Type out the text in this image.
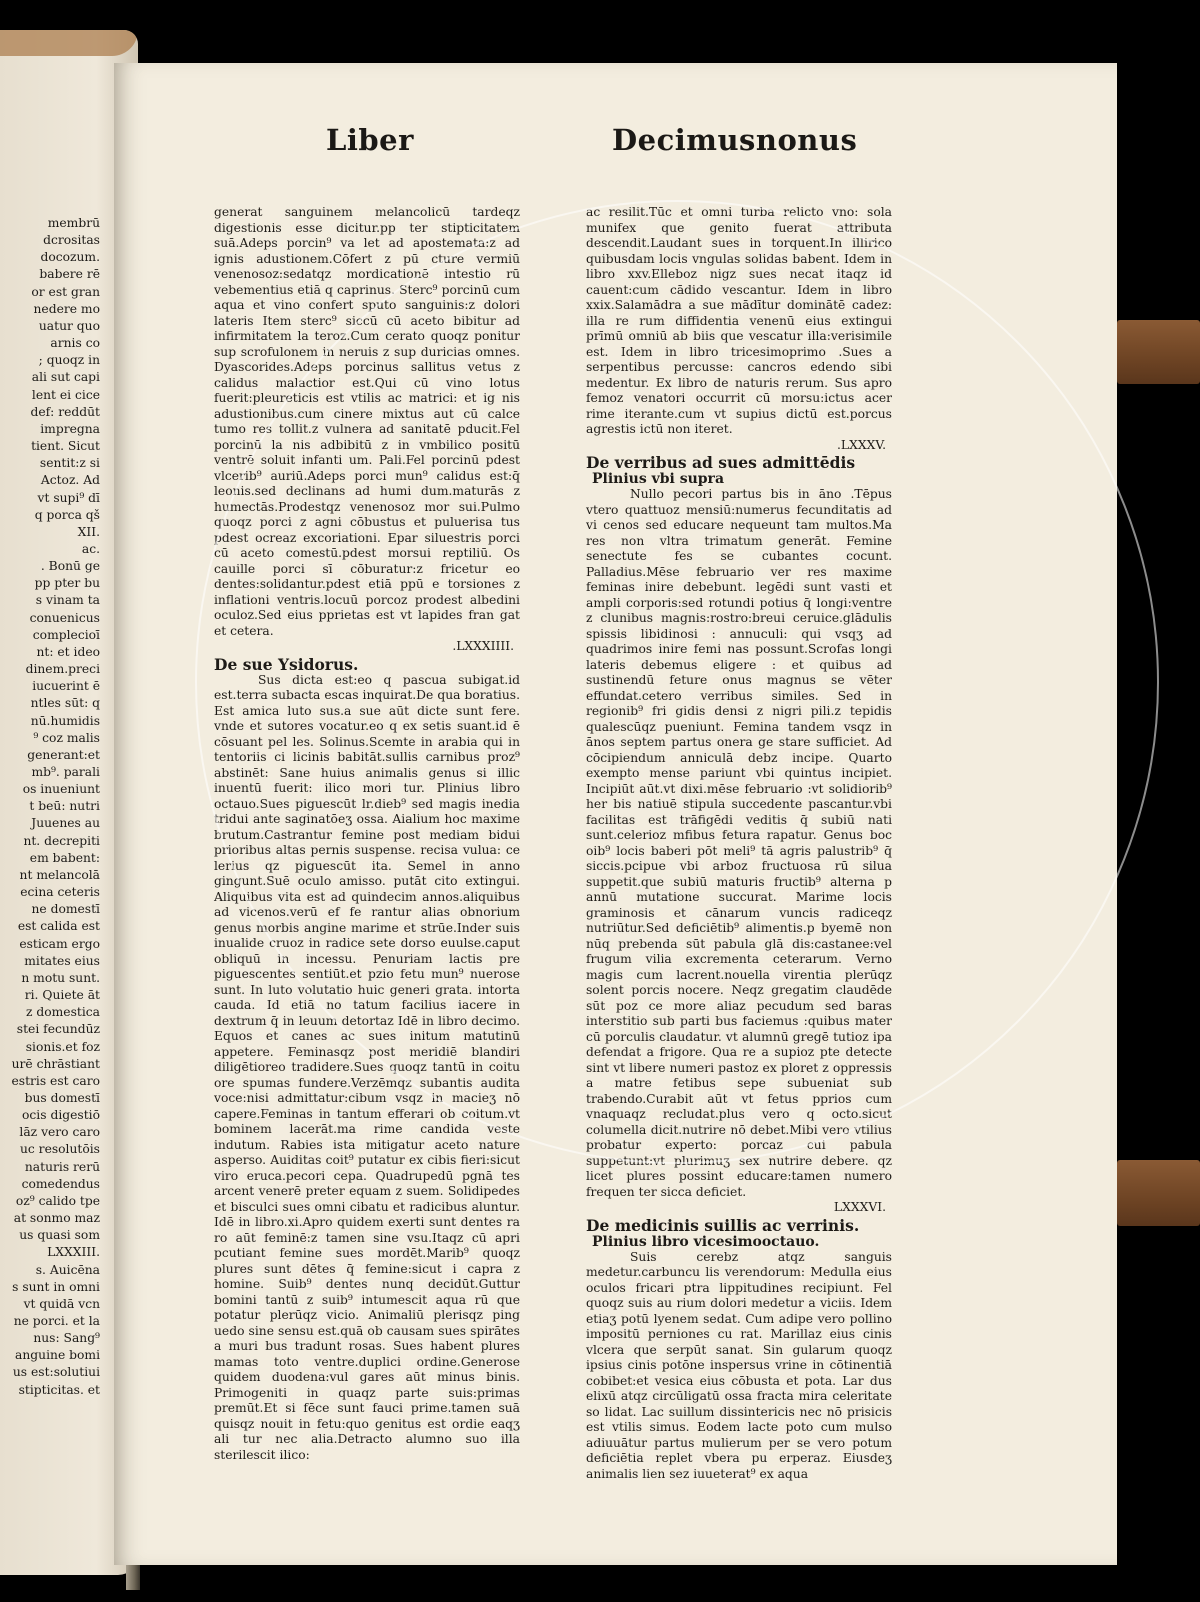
membrū
dcrositas
docozum.
babere rē
or est gran
nedere mo
uatur quo
arnis co
; quoqz in
ali sut capi
lent ei cice
def: reddūt
impregna
tient. Sicut
sentit:z si
Actoz. Ad
vt supi⁹ dī
q porca qš
XII.
ac.
. Bonū ge
pp pter bu
s vinam ta
conuenicus
complecioī
nt: et ideo
dinem.preci
iucuerint ē
ntles sūt: q
nū.humidis
⁹ coz malis
generant:et
mb⁹. parali
os inueniunt
t beū: nutri
Juuenes au
nt. decrepiti
em babent:
nt melancolā
ecina ceteris
ne domestī
est calida est
esticam ergo
mitates eius
n motu sunt.
ri. Quiete āt
z domestica
stei fecundūz
sionis.et foz
urē chrāstiant
estris est caro
bus domestī
ocis digestiō
lāz vero caro
uc resolutōis
naturis rerū
comedendus
oz⁹ calido tpe
at sonmo maz
us quasi som
LXXXIII.
s. Auicēna
s sunt in omni
vt quidā vcn
ne porci. et la
nus: Sang⁹
anguine bomi
us est:solutiui
stipticitas. et
Liber	Decimusnonus

generat sanguinem melancolicū tardeqz digestionis esse dicitur.pp ter stipticitatem suā.Adeps porcin⁹ va let ad apostemata:z ad ignis adustionem.Cōfert z pū cture vermiū venenosoz:sedatqz mordicationē intestio rū vebementius etiā q caprinus. Sterc⁹ porcinū cum aqua et vino confert sputo sanguinis:z dolori lateris Item sterc⁹ siccū cū aceto bibitur ad infirmitatem la teroz.Cum cerato quoqz ponitur sup scrofulonem in neruis z sup duricias omnes. Dyascorides.Adeps porcinus sallitus vetus z calidus malactior est.Qui cū vino lotus fuerit:pleureticis est vtilis ac matrici: et ig nis adustionibus.cum cinere mixtus aut cū calce tumo res tollit.z vulnera ad sanitatē pducit.Fel porcinū la nis adbibitū z in vmbilico positū ventrē soluit infanti um. Pali.Fel porcinū pdest vlcerib⁹ auriū.Adeps porci mun⁹ calidus est:q̄ leonis.sed declinans ad humi dum.maturās z humectās.Prodestqz venenosoz mor sui.Pulmo quoqz porci z agni cōbustus et puluerisa tus pdest ocreaz excoriationi. Epar siluestris porci cū aceto comestū.pdest morsui reptiliū. Os cauille porci sī cōburatur:z fricetur eo dentes:solidantur.pdest etiā ppū e torsiones z inflationi ventris.locuū porcoz prodest albedini oculoz.Sed eius pprietas est vt lapides fran gat et cetera.

.LXXXIIII.

De sue Ysidorus.

Sus dicta est:eo q pascua subigat.id est.terra subacta escas inquirat.De qua boratius. Est amica luto sus.a sue aūt dicte sunt fere. vnde et sutores vocatur.eo q ex setis suant.id ē cōsuant pel les. Solinus.Scemte in arabia qui in tentoriis ci licinis babitāt.sullis carnibus proz⁹ abstinēt: Sane huius animalis genus si illic inuentū fuerit: ilico mori tur. Plinius libro octauo.Sues piguescūt lr.dieb⁹ sed magis inedia tridui ante saginatōeʒ ossa. Aialium hoc maxime brutum.Castrantur femine post mediam bidui prioribus altas pernis suspense. recisa vulua: ce lerius qz piguescūt ita. Semel in anno gingunt.Suē oculo amisso. putāt cito extingui. Aliquibus vita est ad quindecim annos.aliquibus ad vicenos.verū ef fe rantur alias obnorium genus morbis angine marime et strūe.Inder suis inualide cruoz in radice sete dorso euulse.caput obliquū in incessu. Penuriam lactis pre piguescentes sentiūt.et pzio fetu mun⁹ nuerose sunt. In luto volutatio huic generi grata. intorta cauda. Id etiā no tatum facilius iacere in dextrum q̄ in leuum detortaz Idē in libro decimo. Equos et canes ac sues initum matutinū appetere. Feminasqz post meridiē blandiri diligētioreo tradidere.Sues quoqz tantū in coitu ore spumas fundere.Verzēmqz subantis audita voce:nisi admittatur:cibum vsqz in macieʒ nō capere.Feminas in tantum efferari ob coitum.vt bominem lacerāt.ma rime candida veste indutum. Rabies ista mitigatur aceto nature asperso. Auiditas coit⁹ putatur ex cibis fieri:sicut viro eruca.pecori cepa. Quadrupedū pgnā tes arcent venerē preter equam z suem. Solidipedes et bisculci sues omni cibatu et radicibus aluntur. Idē in libro.xi.Apro quidem exerti sunt dentes ra ro aūt feminē:z tamen sine vsu.Itaqz cū apri pcutiant femine sues mordēt.Marib⁹ quoqz plures sunt dētes q̄ femine:sicut i capra z homine. Suib⁹ dentes nunq decidūt.Guttur bomini tantū z suib⁹ intumescit aqua rū que potatur plerūqz vicio. Animaliū plerisqz ping uedo sine sensu est.quā ob causam sues spirātes a muri bus tradunt rosas. Sues habent plures mamas toto ventre.duplici ordine.Generose quidem duodena:vul gares aūt minus binis. Primogeniti in quaqz parte suis:primas premūt.Et si fēce sunt fauci prime.tamen suā quisqz nouit in fetu:quo genitus est ordie eaqʒ ali tur nec alia.Detracto alumno suo illa sterilescit ilico:

ac resilit.Tūc et omni turba relicto vno: sola munifex que genito fuerat attributa descendit.Laudant sues in torquent.In illirico quibusdam locis vngulas solidas babent. Idem in libro xxv.Elleboz nigz sues necat itaqz id cauent:cum cādido vescantur. Idem in libro xxix.Salamādra a sue mādītur dominātē cadez: illa re rum diffidentia venenū eius extingui prīmū omniū ab biis que vescatur illa:verisimile est. Idem in libro tricesimoprimo .Sues a serpentibus percusse: cancros edendo sibi medentur. Ex libro de naturis rerum. Sus apro femoz venatori occurrit cū morsu:ictus acer rime iterante.cum vt supius dictū est.porcus agrestis ictū non iteret.

.LXXXV.

De verribus ad sues admittēdis

Plinius vbi supra

Nullo pecori partus bis in āno .Tēpus vtero quattuoz mensiū:numerus fecunditatis ad vi cenos sed educare nequeunt tam multos.Ma res non vltra trimatum generāt. Femine senectute fes se cubantes cocunt. Palladius.Mēse februario ver res maxime feminas inire debebunt. legēdi sunt vasti et ampli corporis:sed rotundi potius q̄ longi:ventre z clunibus magnis:rostro:breui ceruice.glādulis spissis libidinosi : annuculi: qui vsqʒ ad quadrimos inire femi nas possunt.Scrofas longi lateris debemus eligere : et quibus ad sustinendū feture onus magnus se vēter effundat.cetero verribus similes. Sed in regionib⁹ fri gidis densi z nigri pili.z tepidis qualescūqz pueniunt. Femina tandem vsqz in ānos septem partus onera ge stare sufficiet. Ad cōcipiendum anniculā debz incipe. Quarto exempto mense pariunt vbi quintus incipiet. Incipiūt aūt.vt dixi.mēse februario :vt solidiorib⁹ her bis natiuē stipula succedente pascantur.vbi facilitas est trāfigēdi veditis q̄ subiū nati sunt.celerioz mfibus fetura rapatur. Genus boc oib⁹ locis baberi pōt meli⁹ tā agris palustrib⁹ q̄ siccis.pcipue vbi arboz fructuosa rū silua suppetit.que subiū maturis fructib⁹ alterna p annū mutatione succurat. Marime locis graminosis et cānarum vuncis radiceqz nutriūtur.Sed deficiētib⁹ alimentis.p byemē non nūq prebenda sūt pabula glā dis:castanee:vel frugum vilia excrementa ceterarum. Verno magis cum lacrent.nouella virentia plerūqz solent porcis nocere. Neqz gregatim claudēde sūt poz ce more aliaz pecudum sed baras interstitio sub parti bus faciemus :quibus mater cū porculis claudatur. vt alumnū gregē tutioz ipa defendat a frigore. Qua re a supioz pte detecte sint vt libere numeri pastoz ex ploret z oppressis a matre fetibus sepe subueniat sub trabendo.Curabit aūt vt fetus pprios cum vnaquaqz recludat.plus vero q octo.sicut columella dicit.nutrire nō debet.Mibi vero vtilius probatur experto: porcaz cui pabula suppetunt:vt plurimuʒ sex nutrire debere. qz licet plures possint educare:tamen numero frequen ter sicca deficiet.

LXXXVI.

De medicinis suillis ac verrinis.

Plinius libro vicesimooctauo.

Suis cerebz atqz sanguis medetur.carbuncu lis verendorum: Medulla eius oculos fricari ptra lippitudines recipiunt. Fel quoqz suis au rium dolori medetur a viciis. Idem etiaʒ potū lyenem sedat. Cum adipe vero pollino impositū perniones cu rat. Marillaz eius cinis vlcera que serpūt sanat. Sin gularum quoqz ipsius cinis potōne inspersus vrine in cōtinentiā cobibet:et vesica eius cōbusta et pota. Lar dus elixū atqz circūligatū ossa fracta mira celeritate so lidat. Lac suillum dissintericis nec nō prisicis est vtilis simus. Eodem lacte poto cum mulso adiuuātur partus mulierum per se vero potum deficiētia replet vbera pu erperaz. Eiusdeʒ animalis lien sez iuueterat⁹ ex aqua
